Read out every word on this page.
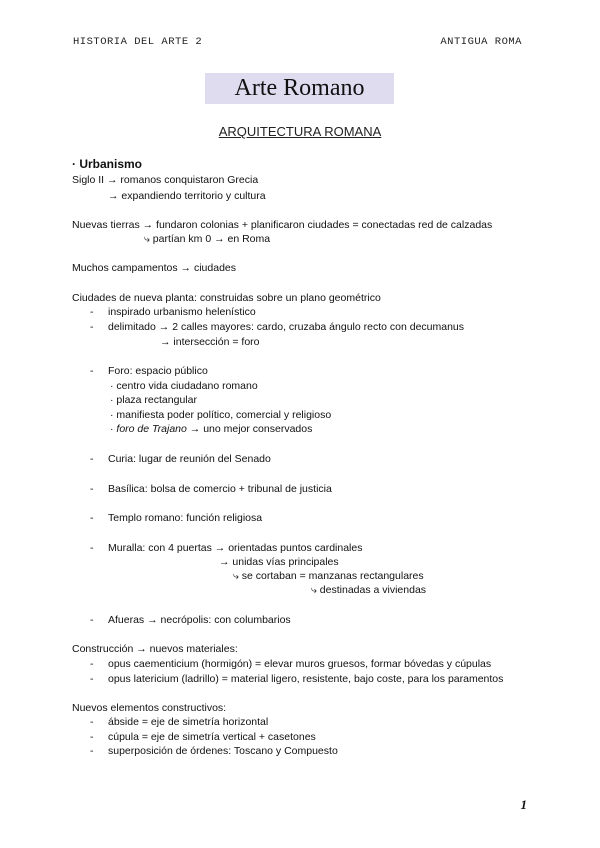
HISTORIA DEL ARTE 2	ANTIGUA ROMA
Arte Romano
ARQUITECTURA ROMANA
· Urbanismo
Siglo II → romanos conquistaron Grecia
→ expandiendo territorio y cultura
Nuevas tierras → fundaron colonias + planificaron ciudades = conectadas red de calzadas
⤷ partían km 0 → en Roma
Muchos campamentos → ciudades
Ciudades de nueva planta: construidas sobre un plano geométrico
- inspirado urbanismo helenístico
- delimitado → 2 calles mayores: cardo, cruzaba ángulo recto con decumanus
→ intersección = foro
- Foro: espacio público
· centro vida ciudadano romano
· plaza rectangular
· manifiesta poder político, comercial y religioso
· foro de Trajano → uno mejor conservados
- Curia: lugar de reunión del Senado
- Basílica: bolsa de comercio + tribunal de justicia
- Templo romano: función religiosa
- Muralla: con 4 puertas → orientadas puntos cardinales
→ unidas vías principales
⤷ se cortaban = manzanas rectangulares
⤷ destinadas a viviendas
- Afueras → necrópolis: con columbarios
Construcción → nuevos materiales:
- opus caementicium (hormigón) = elevar muros gruesos, formar bóvedas y cúpulas
- opus latericium (ladrillo) = material ligero, resistente, bajo coste, para los paramentos
Nuevos elementos constructivos:
- ábside = eje de simetría horizontal
- cúpula = eje de simetría vertical + casetones
- superposición de órdenes: Toscano y Compuesto
1
